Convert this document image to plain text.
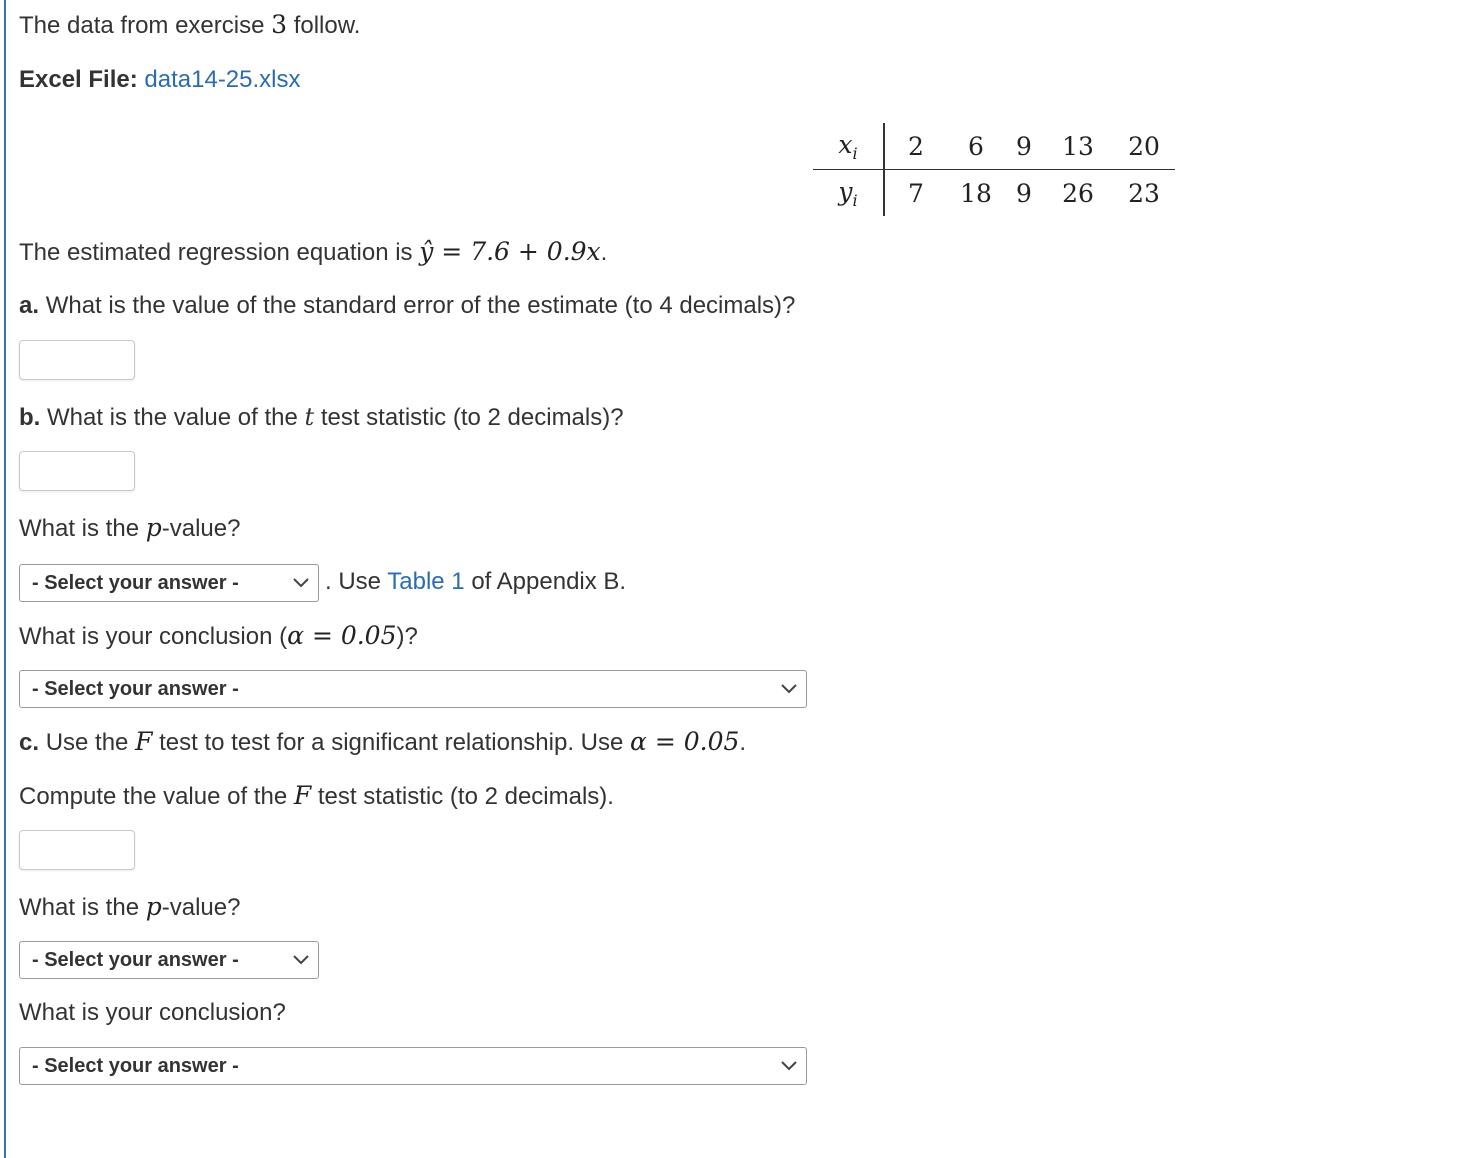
The data from exercise 3 follow.
Excel File: data14-25.xlsx
$x_i$	2	6	9	13	20
$y_i$	7	18	9	26	23
The estimated regression equation is ŷ = 7.6 + 0.9x.
a. What is the value of the standard error of the estimate (to 4 decimals)?
b. What is the value of the t test statistic (to 2 decimals)?
What is the p-value?
- Select your answer -	. Use Table 1 of Appendix B.
What is your conclusion (α = 0.05)?
- Select your answer -
c. Use the F test to test for a significant relationship. Use α = 0.05.
Compute the value of the F test statistic (to 2 decimals).
What is the p-value?
- Select your answer -
What is your conclusion?
- Select your answer -
